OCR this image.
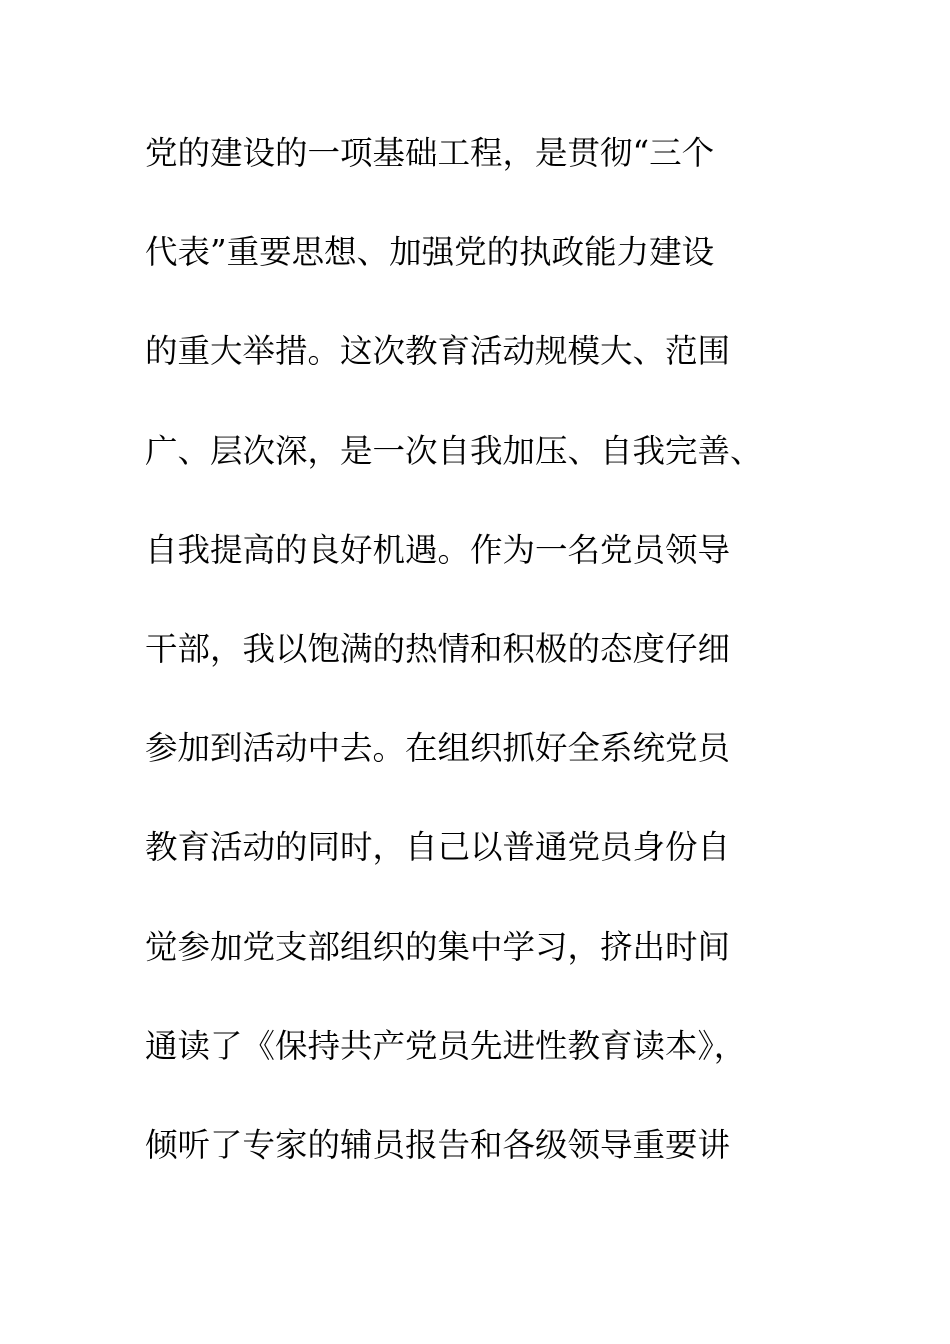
党的建设的一项基础工程，是贯彻“三个
代表”重要思想、加强党的执政能力建设
的重大举措。这次教育活动规模大、范围
广、层次深，是一次自我加压、自我完善、
自我提高的良好机遇。作为一名党员领导
干部，我以饱满的热情和积极的态度仔细
参加到活动中去。在组织抓好全系统党员
教育活动的同时，自己以普通党员身份自
觉参加党支部组织的集中学习，挤出时间
通读了《保持共产党员先进性教育读本》，
倾听了专家的辅员报告和各级领导重要讲
